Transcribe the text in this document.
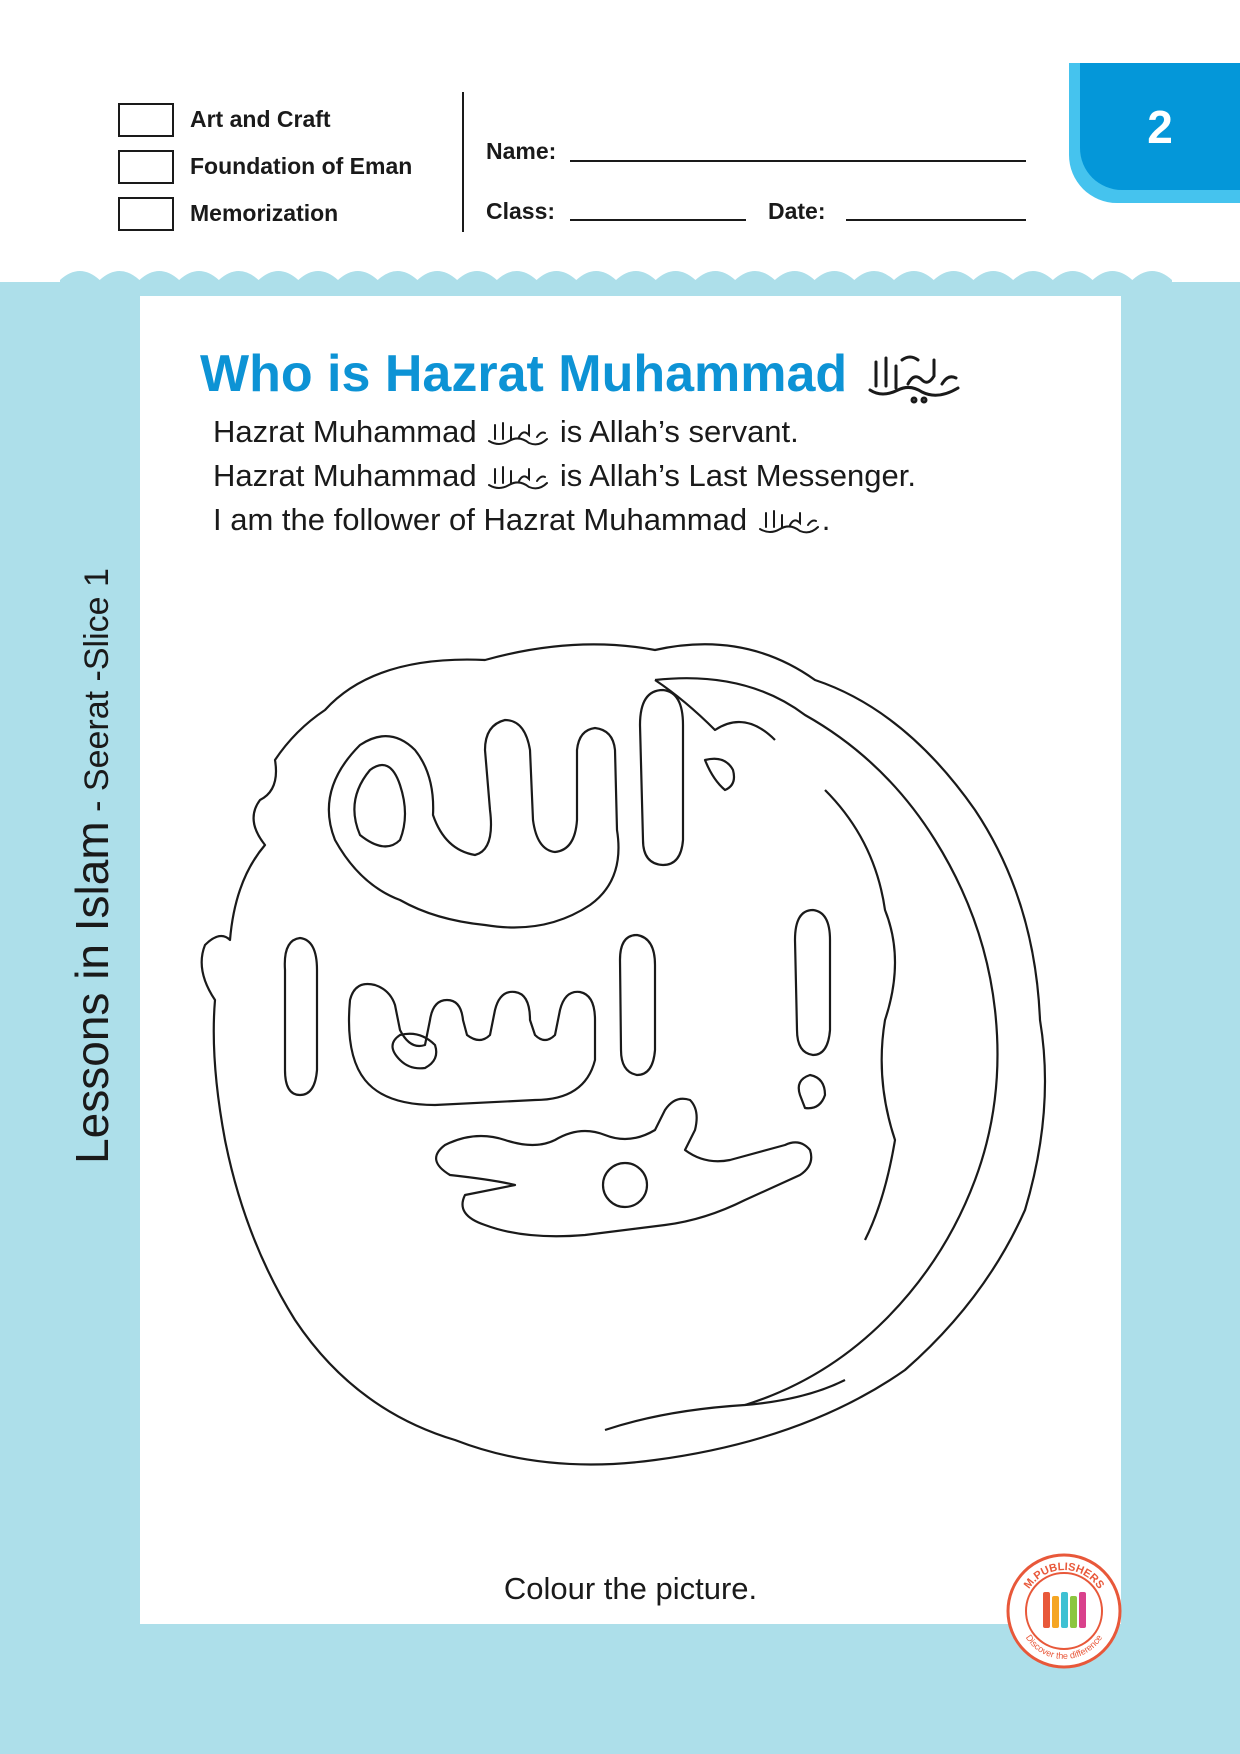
Art and Craft
Foundation of Eman
Memorization
Name:
Class:	Date:
2
Lessons in Islam - Seerat -Slice 1
Who is Hazrat Muhammad
Hazrat Muhammad	is Allah’s servant.
Hazrat Muhammad	is Allah’s Last Messenger.
I am the follower of Hazrat Muhammad .
Colour the picture.	M.PUBLISHERS
Discover the difference
